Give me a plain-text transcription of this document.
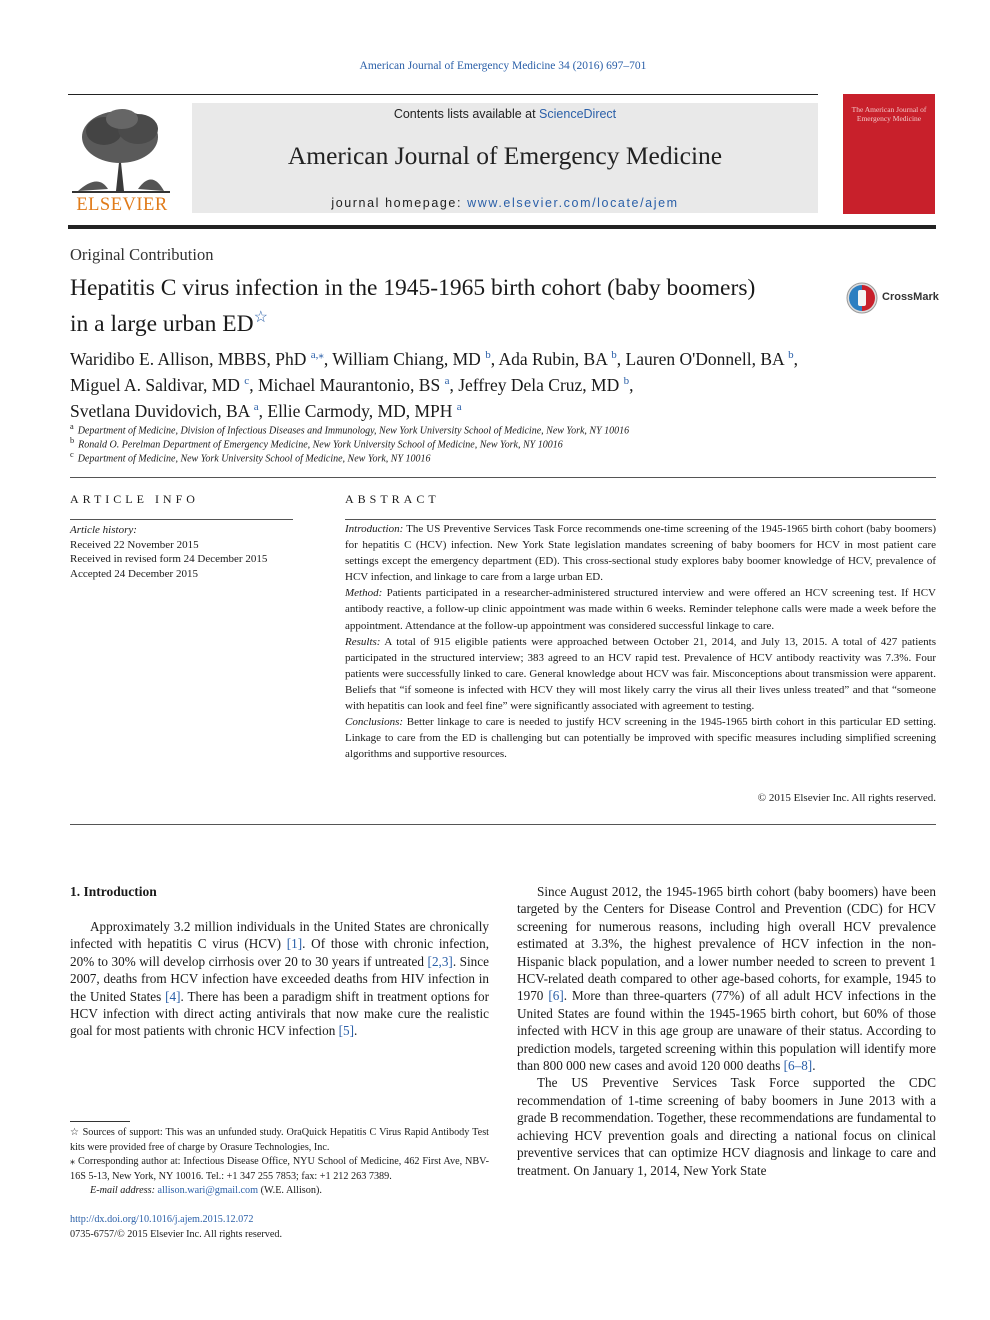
American Journal of Emergency Medicine 34 (2016) 697–701
ELSEVIER
Contents lists available at ScienceDirect
American Journal of Emergency Medicine
journal homepage: www.elsevier.com/locate/ajem
The American Journal of Emergency Medicine
Original Contribution
Hepatitis C virus infection in the 1945-1965 birth cohort (baby boomers)
in a large urban ED☆
CrossMark
Waridibo E. Allison, MBBS, PhD $^{a,⁎}$, William Chiang, MD $^b$, Ada Rubin, BA $^b$, Lauren O'Donnell, BA $^b$,
Miguel A. Saldivar, MD $^c$, Michael Maurantonio, BS $^a$, Jeffrey Dela Cruz, MD $^b$,
Svetlana Duvidovich, BA $^a$, Ellie Carmody, MD, MPH $^a$
$^a$ Department of Medicine, Division of Infectious Diseases and Immunology, New York University School of Medicine, New York, NY 10016
$^b$ Ronald O. Perelman Department of Emergency Medicine, New York University School of Medicine, New York, NY 10016
$^c$ Department of Medicine, New York University School of Medicine, New York, NY 10016
ARTICLE INFO
Article history:
Received 22 November 2015
Received in revised form 24 December 2015
Accepted 24 December 2015
ABSTRACT

Introduction: The US Preventive Services Task Force recommends one-time screening of the 1945-1965 birth cohort (baby boomers) for hepatitis C (HCV) infection. New York State legislation mandates screening of baby boomers for HCV in most patient care settings except the emergency department (ED). This cross-sectional study explores baby boomer knowledge of HCV, prevalence of HCV infection, and linkage to care from a large urban ED.

Method: Patients participated in a researcher-administered structured interview and were offered an HCV screening test. If HCV antibody reactive, a follow-up clinic appointment was made within 6 weeks. Reminder telephone calls were made a week before the appointment. Attendance at the follow-up appointment was considered successful linkage to care.

Results: A total of 915 eligible patients were approached between October 21, 2014, and July 13, 2015. A total of 427 patients participated in the structured interview; 383 agreed to an HCV rapid test. Prevalence of HCV antibody reactivity was 7.3%. Four patients were successfully linked to care. General knowledge about HCV was fair. Misconceptions about transmission were apparent. Beliefs that “if someone is infected with HCV they will most likely carry the virus all their lives unless treated” and that “someone with hepatitis can look and feel fine” were significantly associated with agreement to testing.

Conclusions: Better linkage to care is needed to justify HCV screening in the 1945-1965 birth cohort in this particular ED setting. Linkage to care from the ED is challenging but can potentially be improved with specific measures including simplified screening algorithms and supportive resources.

© 2015 Elsevier Inc. All rights reserved.
1. Introduction

Approximately 3.2 million individuals in the United States are chronically infected with hepatitis C virus (HCV) [1]. Of those with chronic infection, 20% to 30% will develop cirrhosis over 20 to 30 years if untreated [2,3]. Since 2007, deaths from HCV infection have exceeded deaths from HIV infection in the United States [4]. There has been a paradigm shift in treatment options for HCV infection with direct acting antivirals that now make cure the realistic goal for most patients with chronic HCV infection [5].

Since August 2012, the 1945-1965 birth cohort (baby boomers) have been targeted by the Centers for Disease Control and Prevention (CDC) for HCV screening for numerous reasons, including high overall HCV prevalence estimated at 3.3%, the highest prevalence of HCV infection in the non-Hispanic black population, and a lower number needed to screen to prevent 1 HCV-related death compared to other age-based cohorts, for example, 1945 to 1970 [6]. More than three-quarters (77%) of all adult HCV infections in the United States are found within the 1945-1965 birth cohort, but 60% of those infected with HCV in this age group are unaware of their status. According to prediction models, targeted screening within this population will identify more than 800 000 new cases and avoid 120 000 deaths [6–8].

The US Preventive Services Task Force supported the CDC recommendation of 1-time screening of baby boomers in June 2013 with a grade B recommendation. Together, these recommendations are fundamental to achieving HCV prevention goals and directing a national focus on clinical preventive services that can optimize HCV diagnosis and linkage to care and treatment. On January 1, 2014, New York State

☆ Sources of support: This was an unfunded study. OraQuick Hepatitis C Virus Rapid Antibody Test kits were provided free of charge by Orasure Technologies, Inc.

⁎ Corresponding author at: Infectious Disease Office, NYU School of Medicine, 462 First Ave, NBV-16S 5-13, New York, NY 10016. Tel.: +1 347 255 7853; fax: +1 212 263 7389.

E-mail address: allison.wari@gmail.com (W.E. Allison).

http://dx.doi.org/10.1016/j.ajem.2015.12.072
0735-6757/© 2015 Elsevier Inc. All rights reserved.
